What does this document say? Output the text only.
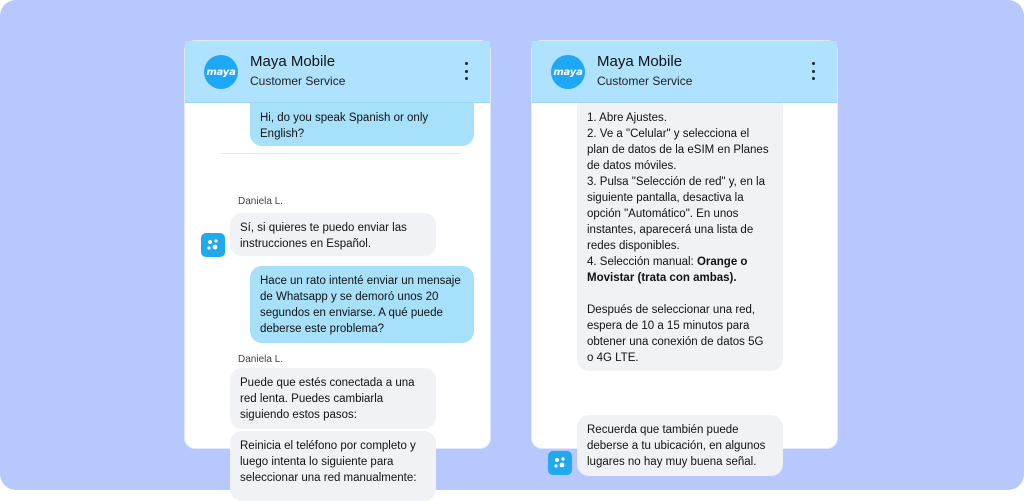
maya
Maya Mobile
Customer Service
Hi, do you speak Spanish or only English?
Daniela L.
Sí, si quieres te puedo enviar las instrucciones en Español.
Hace un rato intenté enviar un mensaje de Whatsapp y se demoró unos 20 segundos en enviarse. A qué puede deberse este problema?
Daniela L.
Puede que estés conectada a una red lenta. Puedes cambiarla siguiendo estos pasos:
Reinicia el teléfono por completo y luego intenta lo siguiente para seleccionar una red manualmente:
maya
Maya Mobile
Customer Service
1. Abre Ajustes.
2. Ve a "Celular" y selecciona el plan de datos de la eSIM en Planes de datos móviles.
3. Pulsa "Selección de red" y, en la siguiente pantalla, desactiva la opción "Automático". En unos instantes, aparecerá una lista de redes disponibles.
4. Selección manual: Orange o Movistar (trata con ambas).
Después de seleccionar una red, espera de 10 a 15 minutos para obtener una conexión de datos 5G o 4G LTE.
Recuerda que también puede deberse a tu ubicación, en algunos lugares no hay muy buena señal.
